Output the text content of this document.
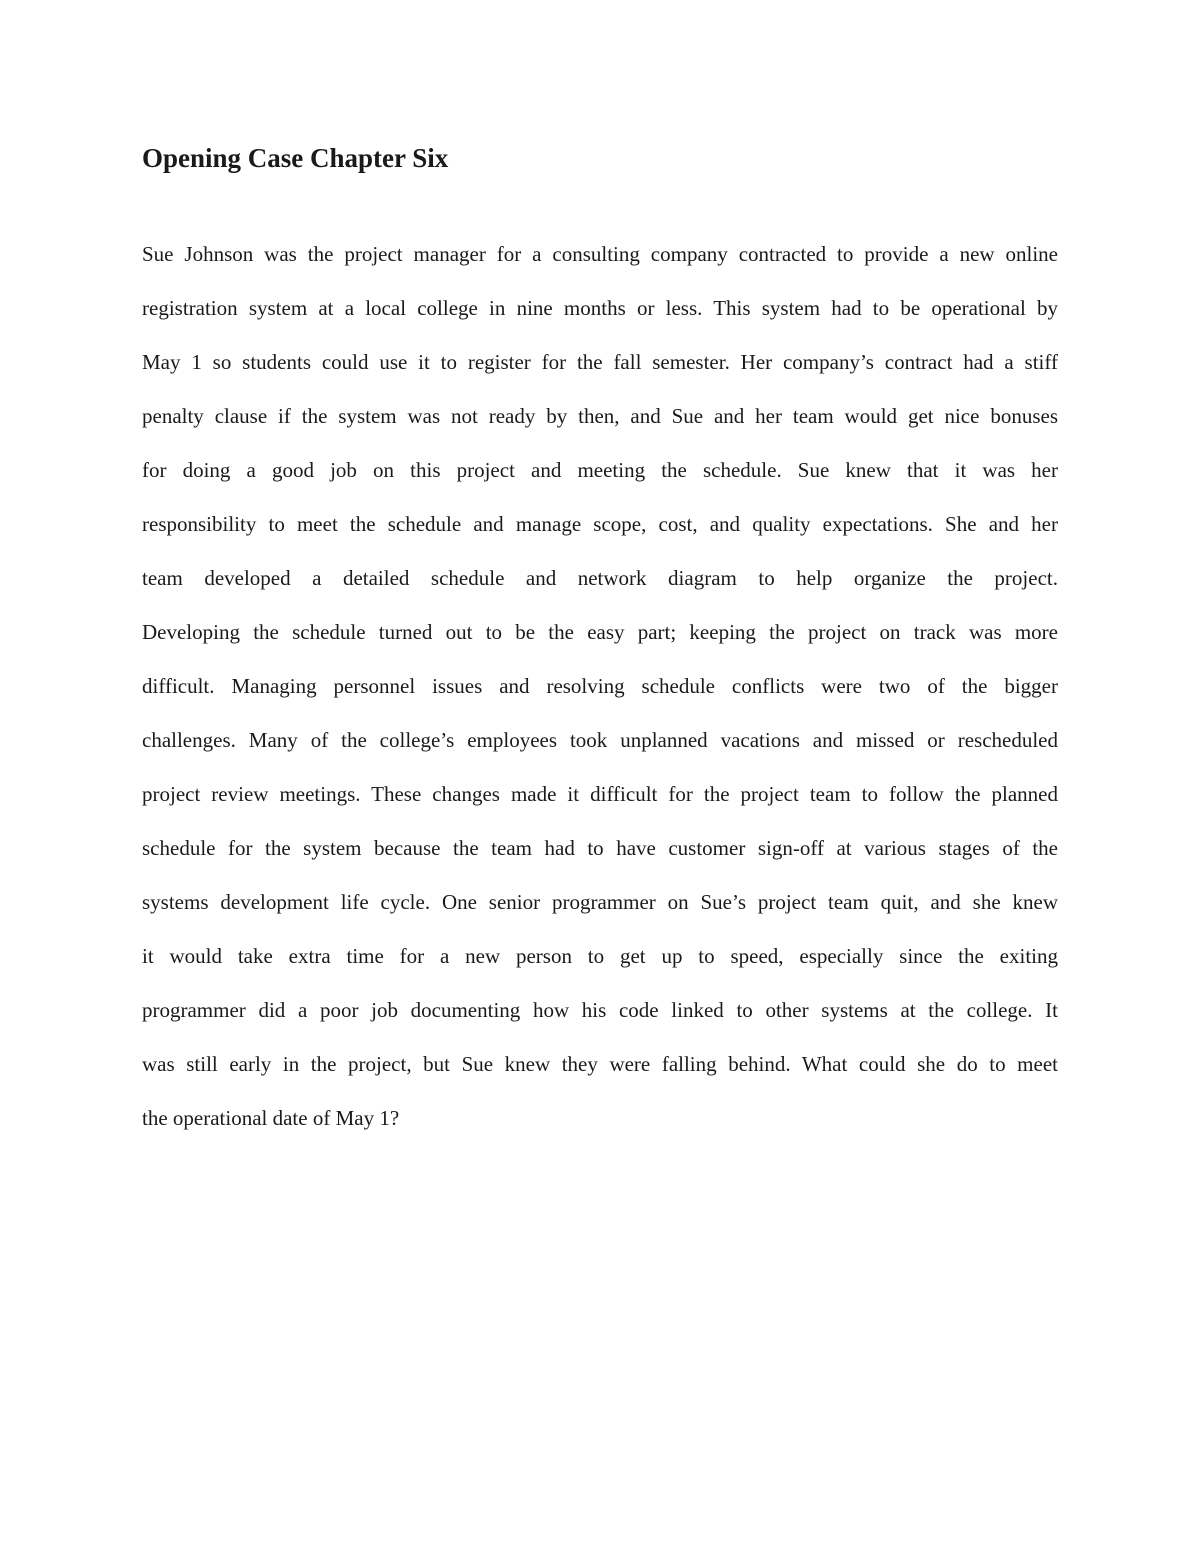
Opening Case Chapter Six
Sue Johnson was the project manager for a consulting company contracted to provide a new online
registration system at a local college in nine months or less. This system had to be operational by
May 1 so students could use it to register for the fall semester. Her company’s contract had a stiff
penalty clause if the system was not ready by then, and Sue and her team would get nice bonuses
for doing a good job on this project and meeting the schedule. Sue knew that it was her
responsibility to meet the schedule and manage scope, cost, and quality expectations. She and her
team developed a detailed schedule and network diagram to help organize the project.
Developing the schedule turned out to be the easy part; keeping the project on track was more
difficult. Managing personnel issues and resolving schedule conflicts were two of the bigger
challenges. Many of the college’s employees took unplanned vacations and missed or rescheduled
project review meetings. These changes made it difficult for the project team to follow the planned
schedule for the system because the team had to have customer sign-off at various stages of the
systems development life cycle. One senior programmer on Sue’s project team quit, and she knew
it would take extra time for a new person to get up to speed, especially since the exiting
programmer did a poor job documenting how his code linked to other systems at the college. It
was still early in the project, but Sue knew they were falling behind. What could she do to meet
the operational date of May 1?
